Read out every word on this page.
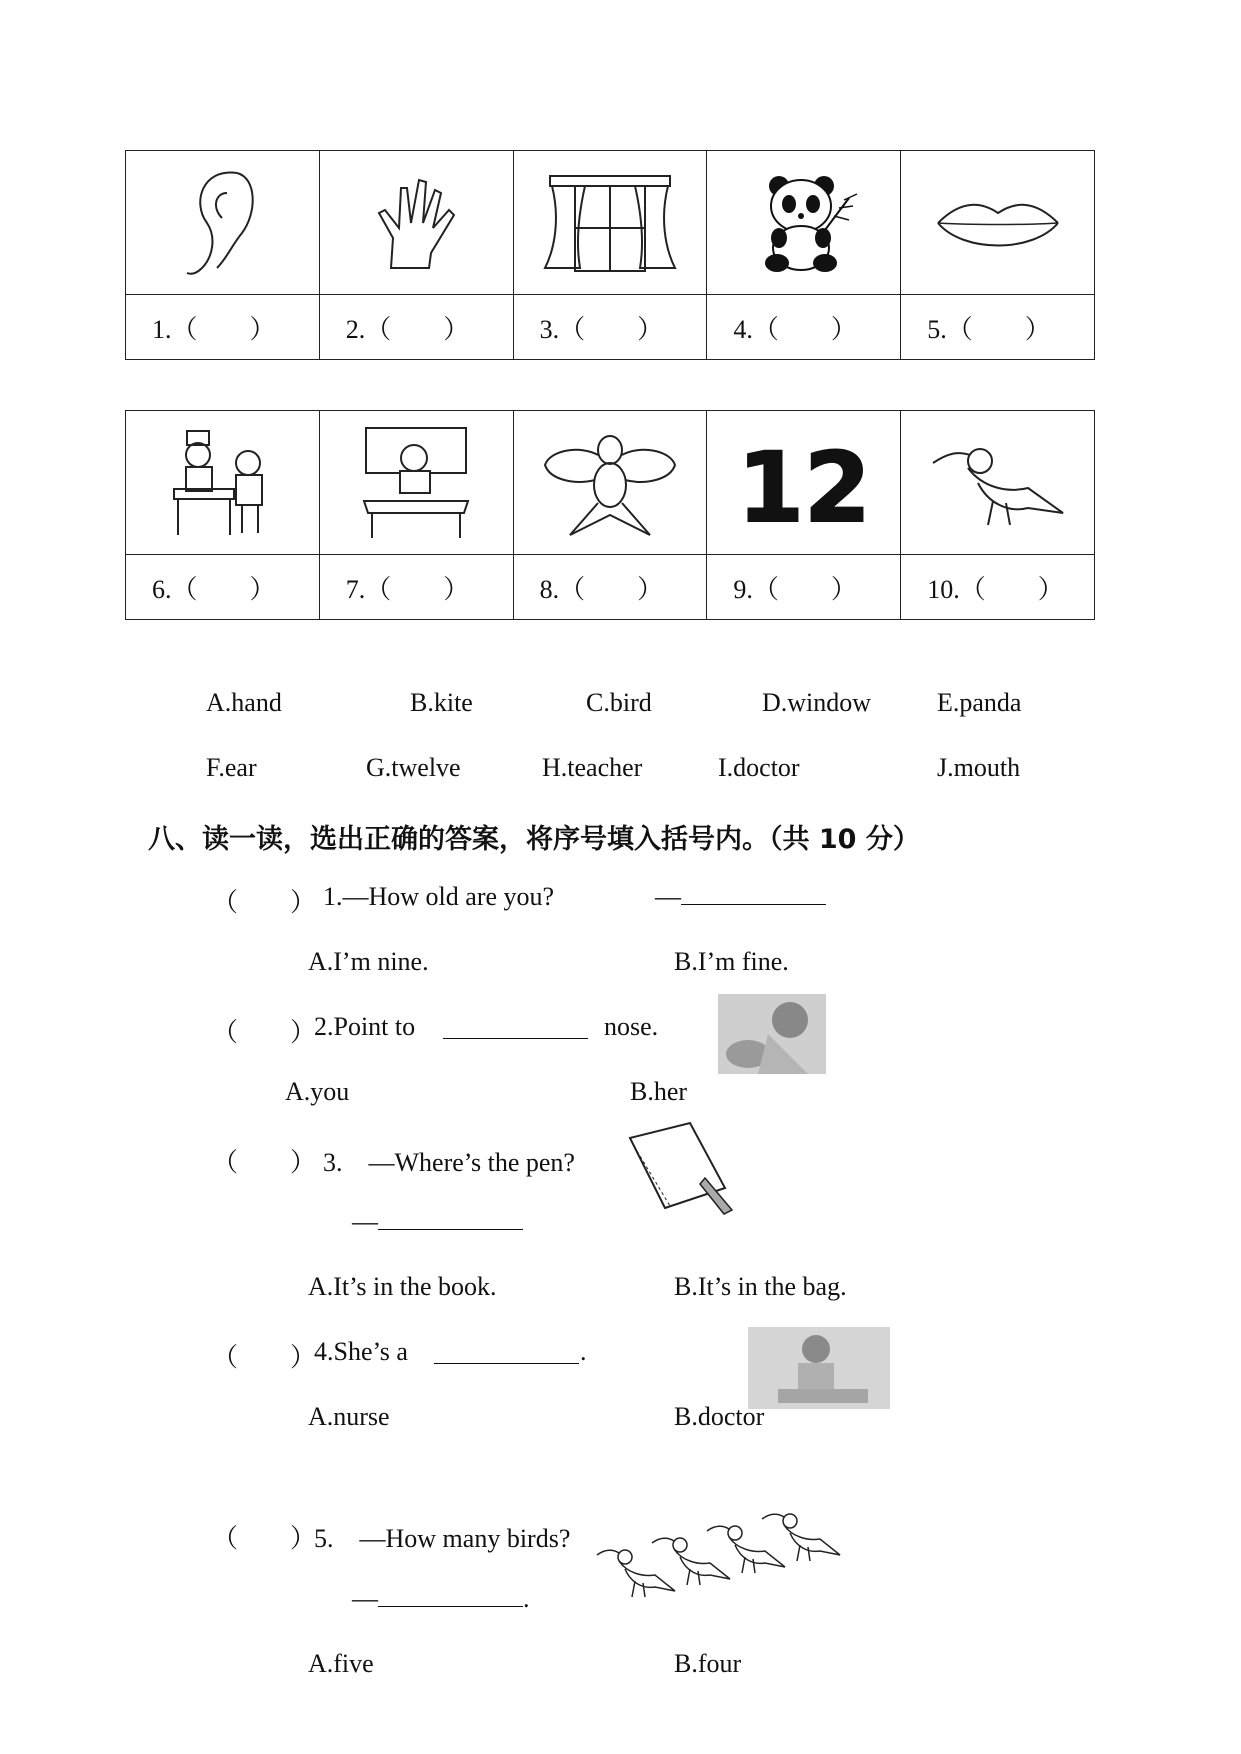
1.（　　）	2.（　　）	3.（　　）	4.（　　）	5.（　　）

12

6.（　　）	7.（　　）	8.（　　）	9.（　　）	10.（　　）
A.hand	B.kite	C.bird	D.window	E.panda
F.ear	G.twelve	H.teacher	I.doctor	J.mouth
八、读一读，选出正确的答案，将序号填入括号内。（共 10 分）
（　　） 1.—How old are you?	—
A.I’m nine.	B.I’m fine.
（　　）
2.Point to	nose.
A.you	B.her
（　　） 3.　—Where’s the pen?
—
A.It’s in the book.	B.It’s in the bag.
（　　）
4.She’s a	.
A.nurse	B.doctor
（　　）
5.　—How many birds?
—	.
A.five	B.four
